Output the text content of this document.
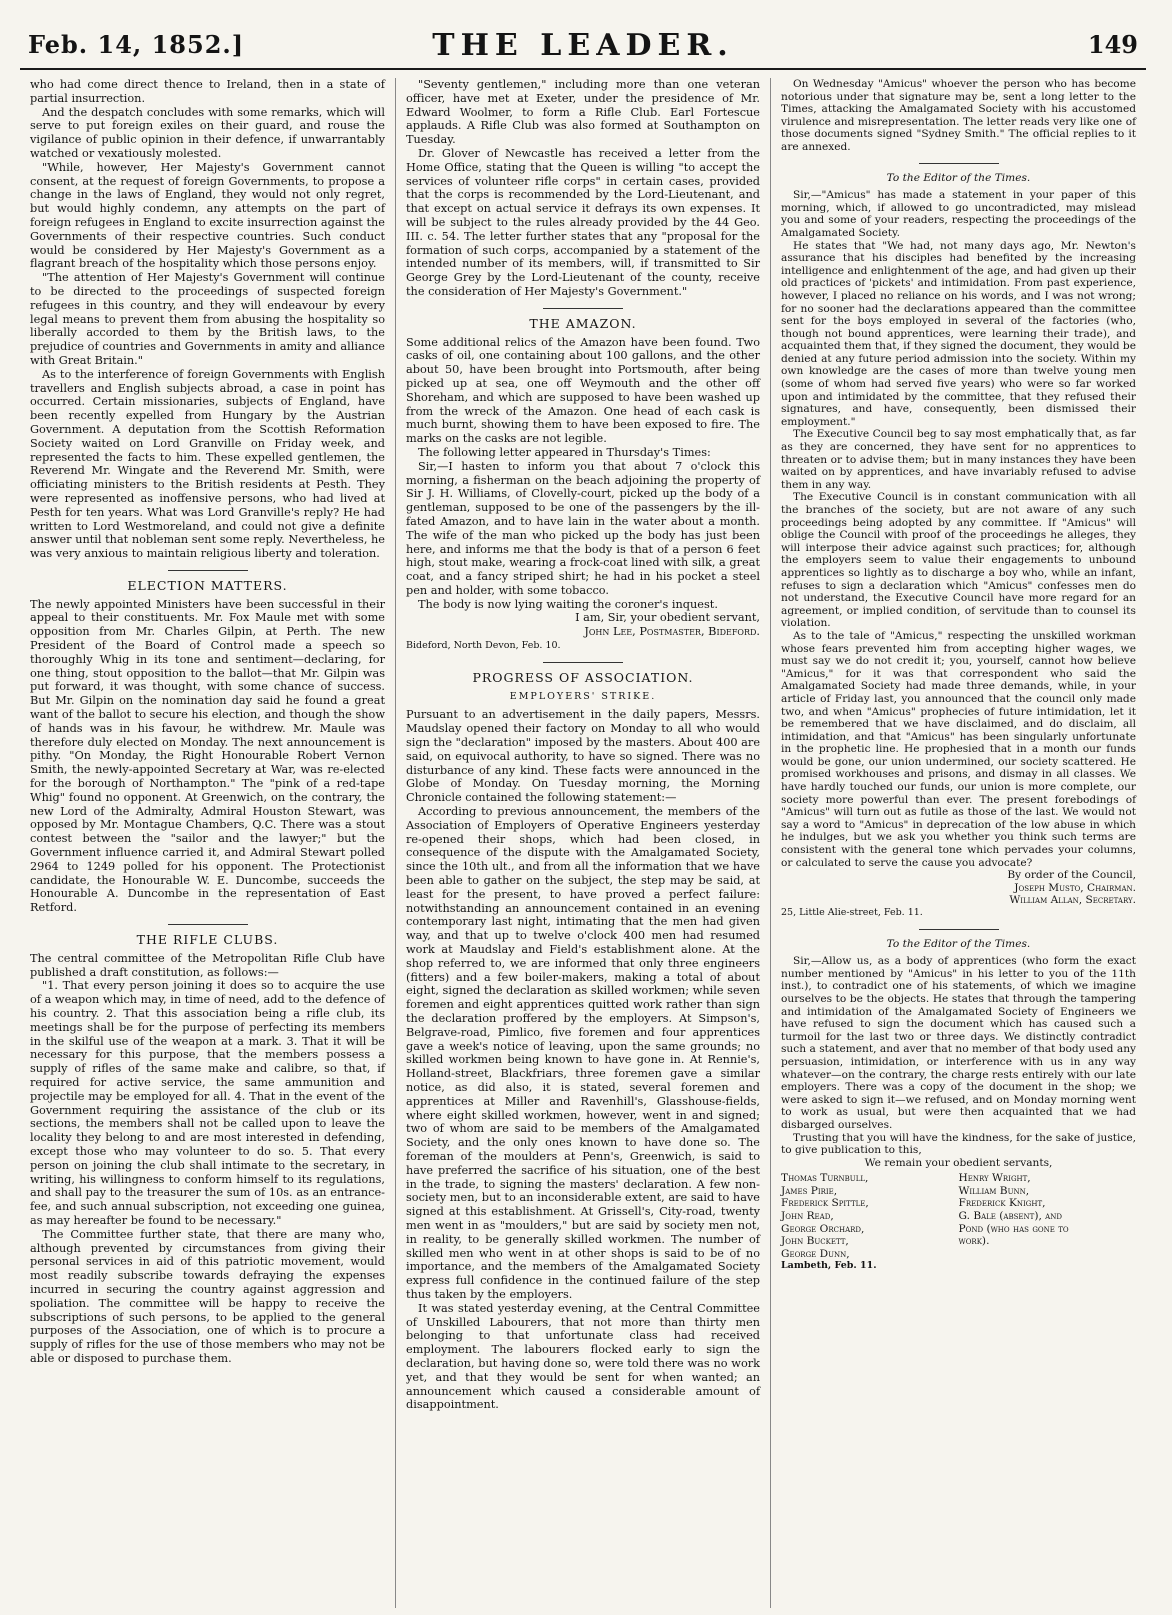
Feb. 14, 1852.]	THE LEADER.	149

who had come direct thence to Ireland, then in a state of partial insurrection.

And the despatch concludes with some remarks, which will serve to put foreign exiles on their guard, and rouse the vigilance of public opinion in their defence, if unwarrantably watched or vexatiously molested.

"While, however, Her Majesty's Government cannot consent, at the request of foreign Governments, to propose a change in the laws of England, they would not only regret, but would highly condemn, any attempts on the part of foreign refugees in England to excite insurrection against the Governments of their respective countries. Such conduct would be considered by Her Majesty's Government as a flagrant breach of the hospitality which those persons enjoy.

"The attention of Her Majesty's Government will continue to be directed to the proceedings of suspected foreign refugees in this country, and they will endeavour by every legal means to prevent them from abusing the hospitality so liberally accorded to them by the British laws, to the prejudice of countries and Governments in amity and alliance with Great Britain."

As to the interference of foreign Governments with English travellers and English subjects abroad, a case in point has occurred. Certain missionaries, subjects of England, have been recently expelled from Hungary by the Austrian Government. A deputation from the Scottish Reformation Society waited on Lord Granville on Friday week, and represented the facts to him. These expelled gentlemen, the Reverend Mr. Wingate and the Reverend Mr. Smith, were officiating ministers to the British residents at Pesth. They were represented as inoffensive persons, who had lived at Pesth for ten years. What was Lord Granville's reply? He had written to Lord Westmoreland, and could not give a definite answer until that nobleman sent some reply. Nevertheless, he was very anxious to maintain religious liberty and toleration.

ELECTION MATTERS.

The newly appointed Ministers have been successful in their appeal to their constituents. Mr. Fox Maule met with some opposition from Mr. Charles Gilpin, at Perth. The new President of the Board of Control made a speech so thoroughly Whig in its tone and sentiment—declaring, for one thing, stout opposition to the ballot—that Mr. Gilpin was put forward, it was thought, with some chance of success. But Mr. Gilpin on the nomination day said he found a great want of the ballot to secure his election, and though the show of hands was in his favour, he withdrew. Mr. Maule was therefore duly elected on Monday. The next announcement is pithy. "On Monday, the Right Honourable Robert Vernon Smith, the newly-appointed Secretary at War, was re-elected for the borough of Northampton." The "pink of a red-tape Whig" found no opponent. At Greenwich, on the contrary, the new Lord of the Admiralty, Admiral Houston Stewart, was opposed by Mr. Montague Chambers, Q.C. There was a stout contest between the "sailor and the lawyer;" but the Government influence carried it, and Admiral Stewart polled 2964 to 1249 polled for his opponent. The Protectionist candidate, the Honourable W. E. Duncombe, succeeds the Honourable A. Duncombe in the representation of East Retford.

THE RIFLE CLUBS.

The central committee of the Metropolitan Rifle Club have published a draft constitution, as follows:—

"1. That every person joining it does so to acquire the use of a weapon which may, in time of need, add to the defence of his country. 2. That this association being a rifle club, its meetings shall be for the purpose of perfecting its members in the skilful use of the weapon at a mark. 3. That it will be necessary for this purpose, that the members possess a supply of rifles of the same make and calibre, so that, if required for active service, the same ammunition and projectile may be employed for all. 4. That in the event of the Government requiring the assistance of the club or its sections, the members shall not be called upon to leave the locality they belong to and are most interested in defending, except those who may volunteer to do so. 5. That every person on joining the club shall intimate to the secretary, in writing, his willingness to conform himself to its regulations, and shall pay to the treasurer the sum of 10s. as an entrance-fee, and such annual subscription, not exceeding one guinea, as may hereafter be found to be necessary."

The Committee further state, that there are many who, although prevented by circumstances from giving their personal services in aid of this patriotic movement, would most readily subscribe towards defraying the expenses incurred in securing the country against aggression and spoliation. The committee will be happy to receive the subscriptions of such persons, to be applied to the general purposes of the Association, one of which is to procure a supply of rifles for the use of those members who may not be able or disposed to purchase them.

"Seventy gentlemen," including more than one veteran officer, have met at Exeter, under the presidence of Mr. Edward Woolmer, to form a Rifle Club. Earl Fortescue applauds. A Rifle Club was also formed at Southampton on Tuesday.

Dr. Glover of Newcastle has received a letter from the Home Office, stating that the Queen is willing "to accept the services of volunteer rifle corps" in certain cases, provided that the corps is recommended by the Lord-Lieutenant, and that except on actual service it defrays its own expenses. It will be subject to the rules already provided by the 44 Geo. III. c. 54. The letter further states that any "proposal for the formation of such corps, accompanied by a statement of the intended number of its members, will, if transmitted to Sir George Grey by the Lord-Lieutenant of the county, receive the consideration of Her Majesty's Government."

THE AMAZON.

Some additional relics of the Amazon have been found. Two casks of oil, one containing about 100 gallons, and the other about 50, have been brought into Portsmouth, after being picked up at sea, one off Weymouth and the other off Shoreham, and which are supposed to have been washed up from the wreck of the Amazon. One head of each cask is much burnt, showing them to have been exposed to fire. The marks on the casks are not legible.

The following letter appeared in Thursday's Times:

Sir,—I hasten to inform you that about 7 o'clock this morning, a fisherman on the beach adjoining the property of Sir J. H. Williams, of Clovelly-court, picked up the body of a gentleman, supposed to be one of the passengers by the ill-fated Amazon, and to have lain in the water about a month. The wife of the man who picked up the body has just been here, and informs me that the body is that of a person 6 feet high, stout make, wearing a frock-coat lined with silk, a great coat, and a fancy striped shirt; he had in his pocket a steel pen and holder, with some tobacco.

The body is now lying waiting the coroner's inquest.

I am, Sir, your obedient servant,
John Lee, Postmaster, Bideford.

Bideford, North Devon, Feb. 10.

PROGRESS OF ASSOCIATION.
EMPLOYERS' STRIKE.

Pursuant to an advertisement in the daily papers, Messrs. Maudslay opened their factory on Monday to all who would sign the "declaration" imposed by the masters. About 400 are said, on equivocal authority, to have so signed. There was no disturbance of any kind. These facts were announced in the Globe of Monday. On Tuesday morning, the Morning Chronicle contained the following statement:—

According to previous announcement, the members of the Association of Employers of Operative Engineers yesterday re-opened their shops, which had been closed, in consequence of the dispute with the Amalgamated Society, since the 10th ult., and from all the information that we have been able to gather on the subject, the step may be said, at least for the present, to have proved a perfect failure: notwithstanding an announcement contained in an evening contemporary last night, intimating that the men had given way, and that up to twelve o'clock 400 men had resumed work at Maudslay and Field's establishment alone. At the shop referred to, we are informed that only three engineers (fitters) and a few boiler-makers, making a total of about eight, signed the declaration as skilled workmen; while seven foremen and eight apprentices quitted work rather than sign the declaration proffered by the employers. At Simpson's, Belgrave-road, Pimlico, five foremen and four apprentices gave a week's notice of leaving, upon the same grounds; no skilled workmen being known to have gone in. At Rennie's, Holland-street, Blackfriars, three foremen gave a similar notice, as did also, it is stated, several foremen and apprentices at Miller and Ravenhill's, Glasshouse-fields, where eight skilled workmen, however, went in and signed; two of whom are said to be members of the Amalgamated Society, and the only ones known to have done so. The foreman of the moulders at Penn's, Greenwich, is said to have preferred the sacrifice of his situation, one of the best in the trade, to signing the masters' declaration. A few non-society men, but to an inconsiderable extent, are said to have signed at this establishment. At Grissell's, City-road, twenty men went in as "moulders," but are said by society men not, in reality, to be generally skilled workmen. The number of skilled men who went in at other shops is said to be of no importance, and the members of the Amalgamated Society express full confidence in the continued failure of the step thus taken by the employers.

It was stated yesterday evening, at the Central Committee of Unskilled Labourers, that not more than thirty men belonging to that unfortunate class had received employment. The labourers flocked early to sign the declaration, but having done so, were told there was no work yet, and that they would be sent for when wanted; an announcement which caused a considerable amount of disappointment.

On Wednesday "Amicus" whoever the person who has become notorious under that signature may be, sent a long letter to the Times, attacking the Amalgamated Society with his accustomed virulence and misrepresentation. The letter reads very like one of those documents signed "Sydney Smith." The official replies to it are annexed.

To the Editor of the Times.

Sir,—"Amicus" has made a statement in your paper of this morning, which, if allowed to go uncontradicted, may mislead you and some of your readers, respecting the proceedings of the Amalgamated Society.

He states that "We had, not many days ago, Mr. Newton's assurance that his disciples had benefited by the increasing intelligence and enlightenment of the age, and had given up their old practices of 'pickets' and intimidation. From past experience, however, I placed no reliance on his words, and I was not wrong; for no sooner had the declarations appeared than the committee sent for the boys employed in several of the factories (who, though not bound apprentices, were learning their trade), and acquainted them that, if they signed the document, they would be denied at any future period admission into the society. Within my own knowledge are the cases of more than twelve young men (some of whom had served five years) who were so far worked upon and intimidated by the committee, that they refused their signatures, and have, consequently, been dismissed their employment."

The Executive Council beg to say most emphatically that, as far as they are concerned, they have sent for no apprentices to threaten or to advise them; but in many instances they have been waited on by apprentices, and have invariably refused to advise them in any way.

The Executive Council is in constant communication with all the branches of the society, but are not aware of any such proceedings being adopted by any committee. If "Amicus" will oblige the Council with proof of the proceedings he alleges, they will interpose their advice against such practices; for, although the employers seem to value their engagements to unbound apprentices so lightly as to discharge a boy who, while an infant, refuses to sign a declaration which "Amicus" confesses men do not understand, the Executive Council have more regard for an agreement, or implied condition, of servitude than to counsel its violation.

As to the tale of "Amicus," respecting the unskilled workman whose fears prevented him from accepting higher wages, we must say we do not credit it; you, yourself, cannot how believe "Amicus," for it was that correspondent who said the Amalgamated Society had made three demands, while, in your article of Friday last, you announced that the council only made two, and when "Amicus" prophecies of future intimidation, let it be remembered that we have disclaimed, and do disclaim, all intimidation, and that "Amicus" has been singularly unfortunate in the prophetic line. He prophesied that in a month our funds would be gone, our union undermined, our society scattered. He promised workhouses and prisons, and dismay in all classes. We have hardly touched our funds, our union is more complete, our society more powerful than ever. The present forebodings of "Amicus" will turn out as futile as those of the last. We would not say a word to "Amicus" in deprecation of the low abuse in which he indulges, but we ask you whether you think such terms are consistent with the general tone which pervades your columns, or calculated to serve the cause you advocate?

By order of the Council,
Joseph Musto, Chairman.
William Allan, Secretary.

25, Little Alie-street, Feb. 11.

To the Editor of the Times.

Sir,—Allow us, as a body of apprentices (who form the exact number mentioned by "Amicus" in his letter to you of the 11th inst.), to contradict one of his statements, of which we imagine ourselves to be the objects. He states that through the tampering and intimidation of the Amalgamated Society of Engineers we have refused to sign the document which has caused such a turmoil for the last two or three days. We distinctly contradict such a statement, and aver that no member of that body used any persuasion, intimidation, or interference with us in any way whatever—on the contrary, the charge rests entirely with our late employers. There was a copy of the document in the shop; we were asked to sign it—we refused, and on Monday morning went to work as usual, but were then acquainted that we had disbarged ourselves.

Trusting that you will have the kindness, for the sake of justice, to give publication to this,

We remain your obedient servants,

Thomas Turnbull,
James Pirie,
Frederick Spittle,
John Read,
George Orchard,
John Buckett,
George Dunn,
Henry Wright,
William Bunn,
Frederick Knight,
G. Bale (absent), and
Pond (who has gone to
work).

Lambeth, Feb. 11.
